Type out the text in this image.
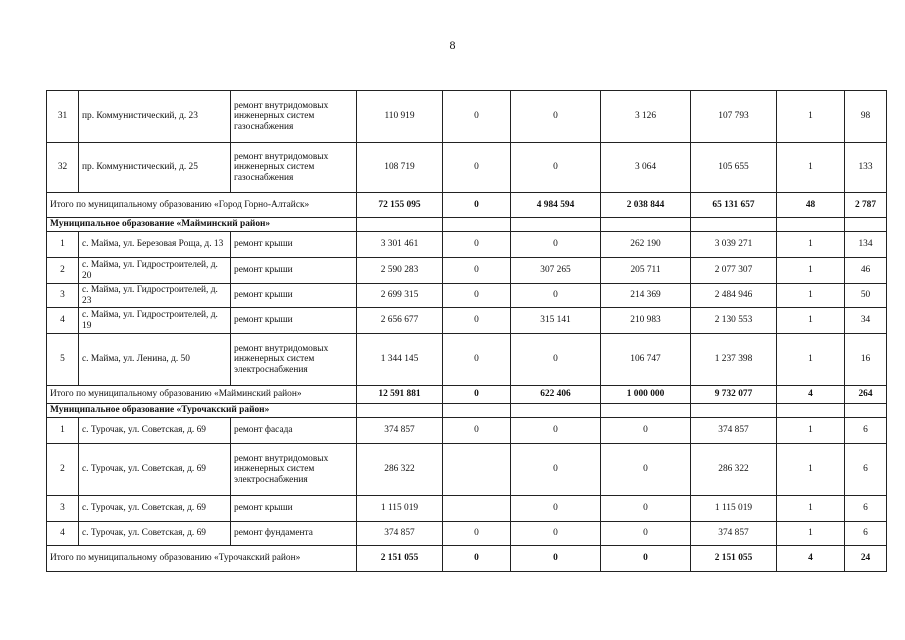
8
31	пр. Коммунистический, д. 23	ремонт внутридомовых инженерных систем газоснабжения	110 919	0	0	3 126	107 793	1	98
32	пр. Коммунистический, д. 25	ремонт внутридомовых инженерных систем газоснабжения	108 719	0	0	3 064	105 655	1	133
Итого по муниципальному образованию «Город Горно-Алтайск»			72 155 095	0	4 984 594	2 038 844	65 131 657	48	2 787
Муниципальное образование «Майминский район»									
1	с. Майма, ул. Березовая Роща, д. 13	ремонт крыши	3 301 461	0	0	262 190	3 039 271	1	134
2	с. Майма, ул. Гидростроителей, д. 20	ремонт крыши	2 590 283	0	307 265	205 711	2 077 307	1	46
3	с. Майма, ул. Гидростроителей, д. 23	ремонт крыши	2 699 315	0	0	214 369	2 484 946	1	50
4	с. Майма, ул. Гидростроителей, д. 19	ремонт крыши	2 656 677	0	315 141	210 983	2 130 553	1	34
5	с. Майма, ул. Ленина, д. 50	ремонт внутридомовых инженерных систем электроснабжения	1 344 145	0	0	106 747	1 237 398	1	16
Итого по муниципальному образованию «Майминский район»			12 591 881	0	622 406	1 000 000	9 732 077	4	264
Муниципальное образование «Турочакский район»									
1	с. Турочак, ул. Советская, д. 69	ремонт фасада	374 857	0	0	0	374 857	1	6
2	с. Турочак, ул. Советская, д. 69	ремонт внутридомовых инженерных систем электроснабжения	286 322		0	0	286 322	1	6
3	с. Турочак, ул. Советская, д. 69	ремонт крыши	1 115 019		0	0	1 115 019	1	6
4	с. Турочак, ул. Советская, д. 69	ремонт фундамента	374 857	0	0	0	374 857	1	6
Итого по муниципальному образованию «Турочакский район»			2 151 055	0	0	0	2 151 055	4	24
